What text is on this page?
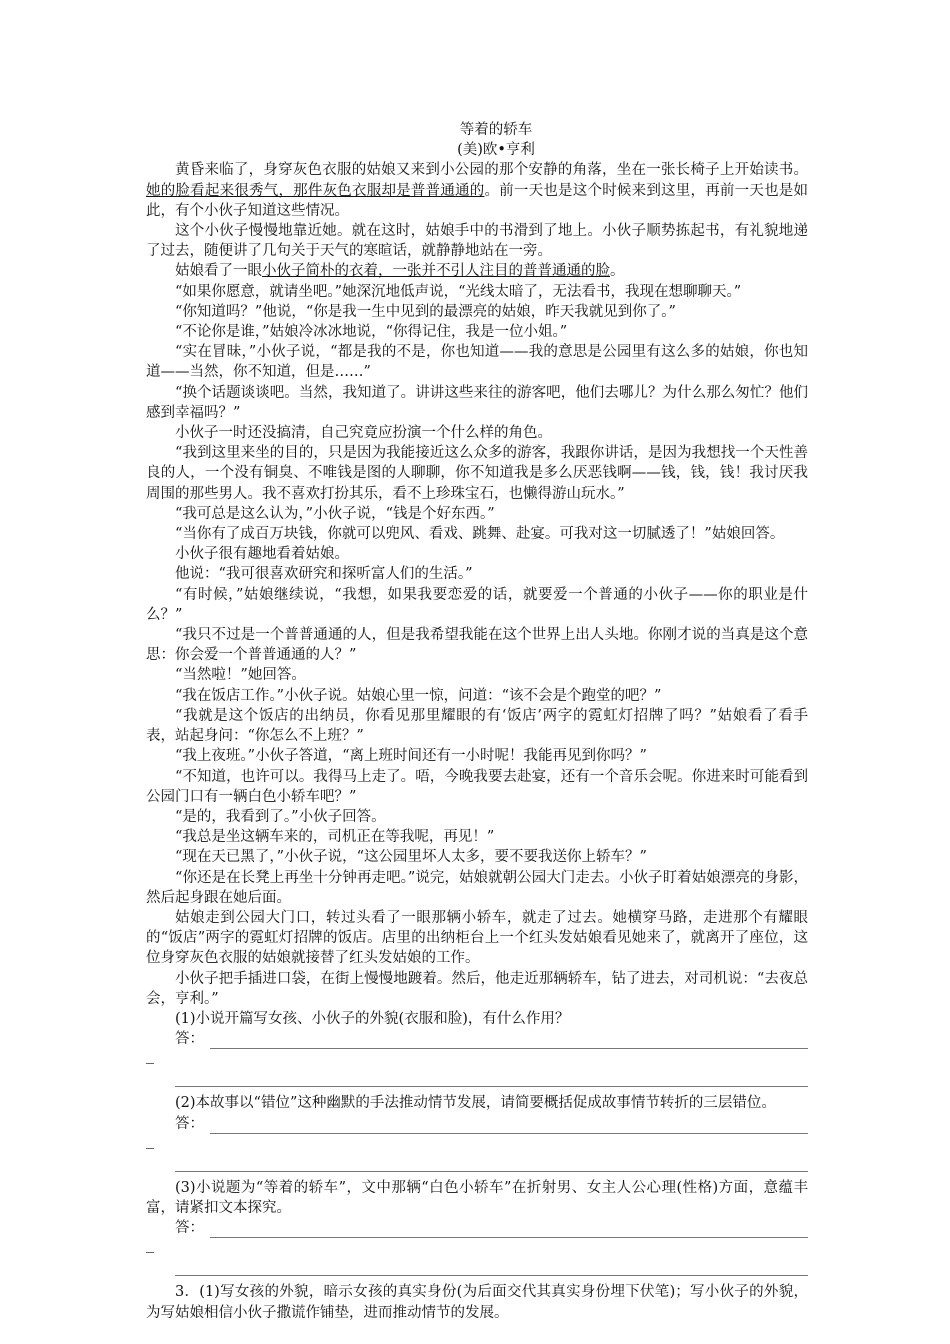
等着的轿车
(美)欧•亨利

黄昏来临了，身穿灰色衣服的姑娘又来到小公园的那个安静的角落，坐在一张长椅子上开始读书。她的脸看起来很秀气，那件灰色衣服却是普普通通的。前一天也是这个时候来到这里，再前一天也是如此，有个小伙子知道这些情况。

这个小伙子慢慢地靠近她。就在这时，姑娘手中的书滑到了地上。小伙子顺势拣起书，有礼貌地递了过去，随便讲了几句关于天气的寒暄话，就静静地站在一旁。

姑娘看了一眼小伙子简朴的衣着，一张并不引人注目的普普通通的脸。

“如果你愿意，就请坐吧。”她深沉地低声说，“光线太暗了，无法看书，我现在想聊聊天。”

“你知道吗？”他说，“你是我一生中见到的最漂亮的姑娘，昨天我就见到你了。”

“不论你是谁，”姑娘冷冰冰地说，“你得记住，我是一位小姐。”

“实在冒昧，”小伙子说，“都是我的不是，你也知道——我的意思是公园里有这么多的姑娘，你也知道——当然，你不知道，但是……”

“换个话题谈谈吧。当然，我知道了。讲讲这些来往的游客吧，他们去哪儿？为什么那么匆忙？他们感到幸福吗？”

小伙子一时还没搞清，自己究竟应扮演一个什么样的角色。

“我到这里来坐的目的，只是因为我能接近这么众多的游客，我跟你讲话，是因为我想找一个天性善良的人，一个没有铜臭、不唯钱是图的人聊聊，你不知道我是多么厌恶钱啊——钱，钱，钱！我讨厌我周围的那些男人。我不喜欢打扮其乐，看不上珍珠宝石，也懒得游山玩水。”

“我可总是这么认为，”小伙子说，“钱是个好东西。”

“当你有了成百万块钱，你就可以兜风、看戏、跳舞、赴宴。可我对这一切腻透了！”姑娘回答。

小伙子很有趣地看着姑娘。

他说：“我可很喜欢研究和探听富人们的生活。”

“有时候，”姑娘继续说，“我想，如果我要恋爱的话，就要爱一个普通的小伙子——你的职业是什么？”

“我只不过是一个普普通通的人，但是我希望我能在这个世界上出人头地。你刚才说的当真是这个意思：你会爱一个普普通通的人？”

“当然啦！”她回答。

“我在饭店工作。”小伙子说。姑娘心里一惊，问道：“该不会是个跑堂的吧？”

“我就是这个饭店的出纳员，你看见那里耀眼的有‘饭店’两字的霓虹灯招牌了吗？”姑娘看了看手表，站起身问：“你怎么不上班？”

“我上夜班。”小伙子答道，“离上班时间还有一小时呢！我能再见到你吗？”

“不知道，也许可以。我得马上走了。唔，今晚我要去赴宴，还有一个音乐会呢。你进来时可能看到公园门口有一辆白色小轿车吧？”

“是的，我看到了。”小伙子回答。

“我总是坐这辆车来的，司机正在等我呢，再见！”

“现在天已黑了，”小伙子说，“这公园里坏人太多，要不要我送你上轿车？”

“你还是在长凳上再坐十分钟再走吧。”说完，姑娘就朝公园大门走去。小伙子盯着姑娘漂亮的身影，然后起身跟在她后面。

姑娘走到公园大门口，转过头看了一眼那辆小轿车，就走了过去。她横穿马路，走进那个有耀眼的“饭店”两字的霓虹灯招牌的饭店。店里的出纳柜台上一个红头发姑娘看见她来了，就离开了座位，这位身穿灰色衣服的姑娘就接替了红头发姑娘的工作。

小伙子把手插进口袋，在街上慢慢地踱着。然后，他走近那辆轿车，钻了进去，对司机说：“去夜总会，亨利。”

(1)小说开篇写女孩、小伙子的外貌(衣服和脸)，有什么作用？

答：

(2)本故事以“错位”这种幽默的手法推动情节发展，请简要概括促成故事情节转折的三层错位。

答：

(3)小说题为“等着的轿车”，文中那辆“白色小轿车”在折射男、女主人公心理(性格)方面，意蕴丰富，请紧扣文本探究。

答：

3．(1)写女孩的外貌，暗示女孩的真实身份(为后面交代其真实身份埋下伏笔)；写小伙子的外貌，为写姑娘相信小伙子撒谎作铺垫，进而推动情节的发展。
